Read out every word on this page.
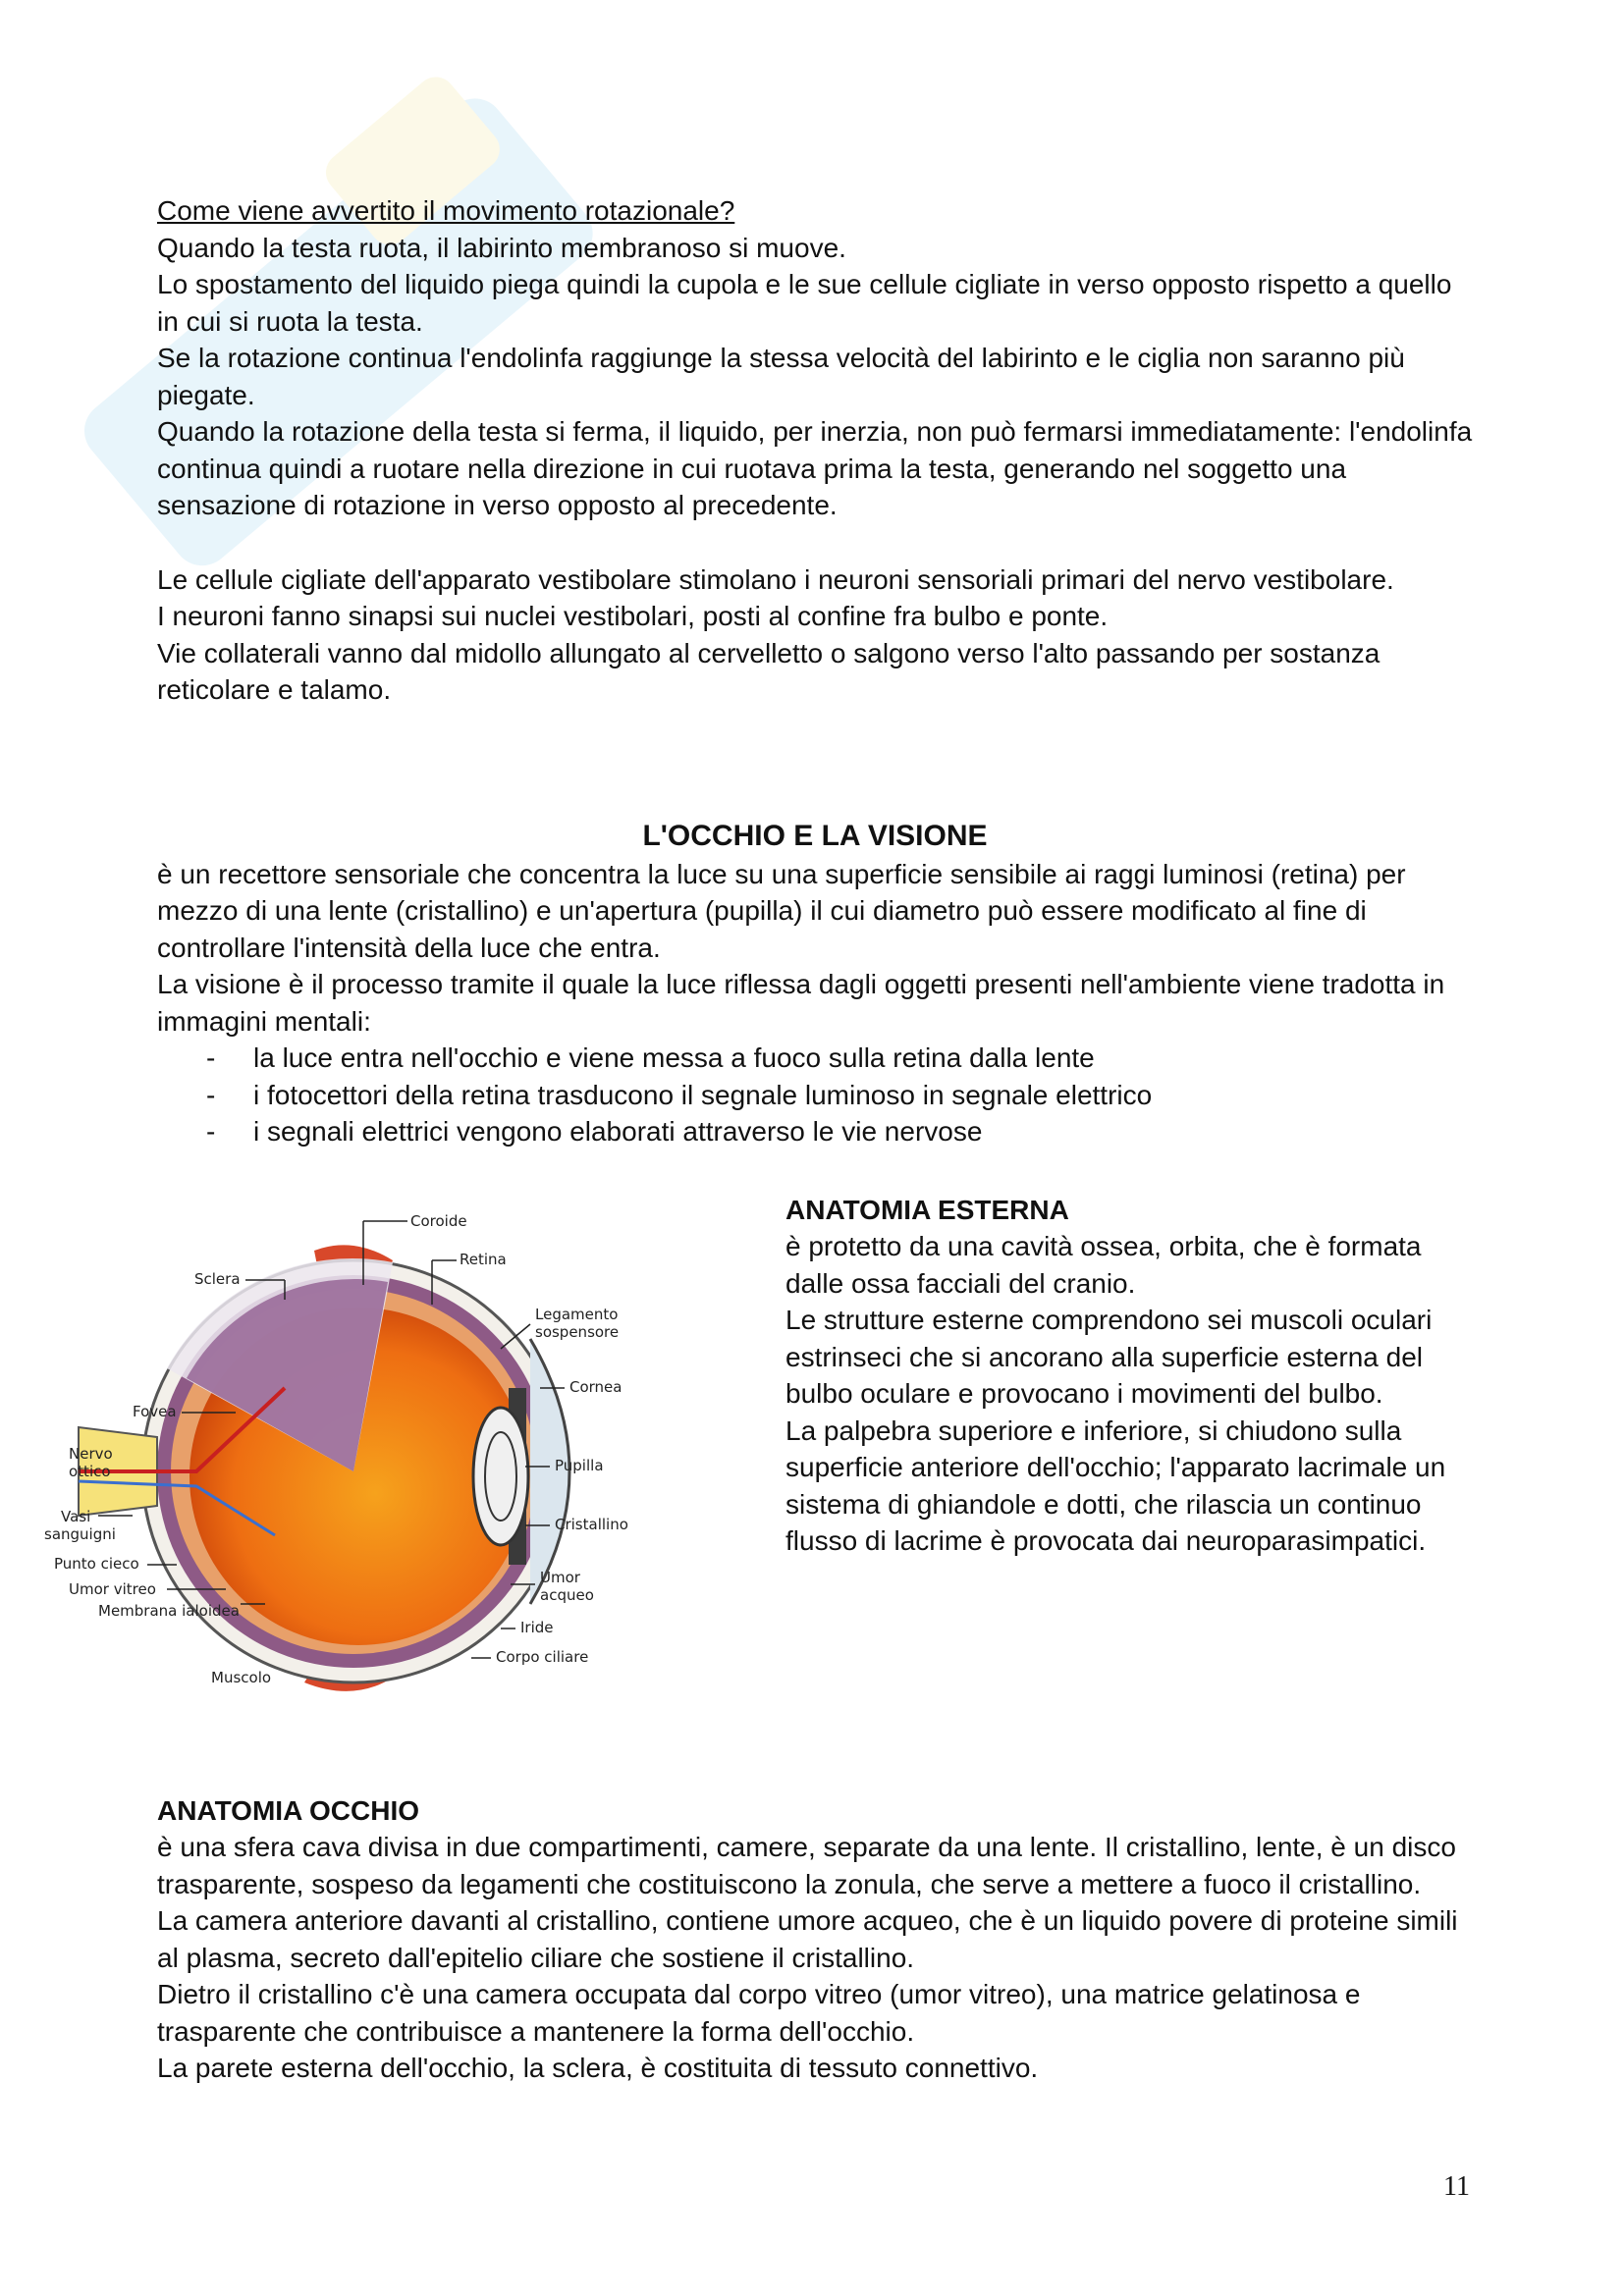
Come viene avvertito il movimento rotazionale?

Quando la testa ruota, il labirinto membranoso si muove.

Lo spostamento del liquido piega quindi la cupola e le sue cellule cigliate in verso opposto rispetto a quello in cui si ruota la testa.

Se la rotazione continua l'endolinfa raggiunge la stessa velocità del labirinto e le ciglia non saranno più piegate.

Quando la rotazione della testa si ferma, il liquido, per inerzia, non può fermarsi immediatamente: l'endolinfa continua quindi a ruotare nella direzione in cui ruotava prima la testa, generando nel soggetto una sensazione di rotazione in verso opposto al precedente.

Le cellule cigliate dell'apparato vestibolare stimolano i neuroni sensoriali primari del nervo vestibolare.

I neuroni fanno sinapsi sui nuclei vestibolari, posti al confine fra bulbo e ponte.

Vie collaterali vanno dal midollo allungato al cervelletto o salgono verso l'alto passando per sostanza reticolare e talamo.

L'OCCHIO E LA VISIONE

è un recettore sensoriale che concentra la luce su una superficie sensibile ai raggi luminosi (retina) per mezzo di una lente (cristallino) e un'apertura (pupilla) il cui diametro può essere modificato al fine di controllare l'intensità della luce che entra.

La visione è il processo tramite il quale la luce riflessa dagli oggetti presenti nell'ambiente viene tradotta in immagini mentali:

- la luce entra nell'occhio e viene messa a fuoco sulla retina dalla lente
- i fotocettori della retina trasducono il segnale luminoso in segnale elettrico
- i segnali elettrici vengono elaborati attraverso le vie nervose
Coroide
Retina
Sclera
Legamento
sospensore
Cornea
Fovea
Nervo
ottico	Pupilla
Cristallino
Vasi
sanguigni
Punto cieco
Umor vitreo
Membrana ialoidea
Umor
acqueo
Iride
Corpo ciliare
Muscolo

ANATOMIA ESTERNA

è protetto da una cavità ossea, orbita, che è formata dalle ossa facciali del cranio.

Le strutture esterne comprendono sei muscoli oculari estrinseci che si ancorano alla superficie esterna del bulbo oculare e provocano i movimenti del bulbo.

La palpebra superiore e inferiore, si chiudono sulla superficie anteriore dell'occhio; l'apparato lacrimale un sistema di ghiandole e dotti, che rilascia un continuo flusso di lacrime è provocata dai neuroparasimpatici.

ANATOMIA OCCHIO

è una sfera cava divisa in due compartimenti, camere, separate da una lente. Il cristallino, lente, è un disco trasparente, sospeso da legamenti che costituiscono la zonula, che serve a mettere a fuoco il cristallino.

La camera anteriore davanti al cristallino, contiene umore acqueo, che è un liquido povere di proteine simili al plasma, secreto dall'epitelio ciliare che sostiene il cristallino.

Dietro il cristallino c'è una camera occupata dal corpo vitreo (umor vitreo), una matrice gelatinosa e trasparente che contribuisce a mantenere la forma dell'occhio.

La parete esterna dell'occhio, la sclera, è costituita di tessuto connettivo.

11
